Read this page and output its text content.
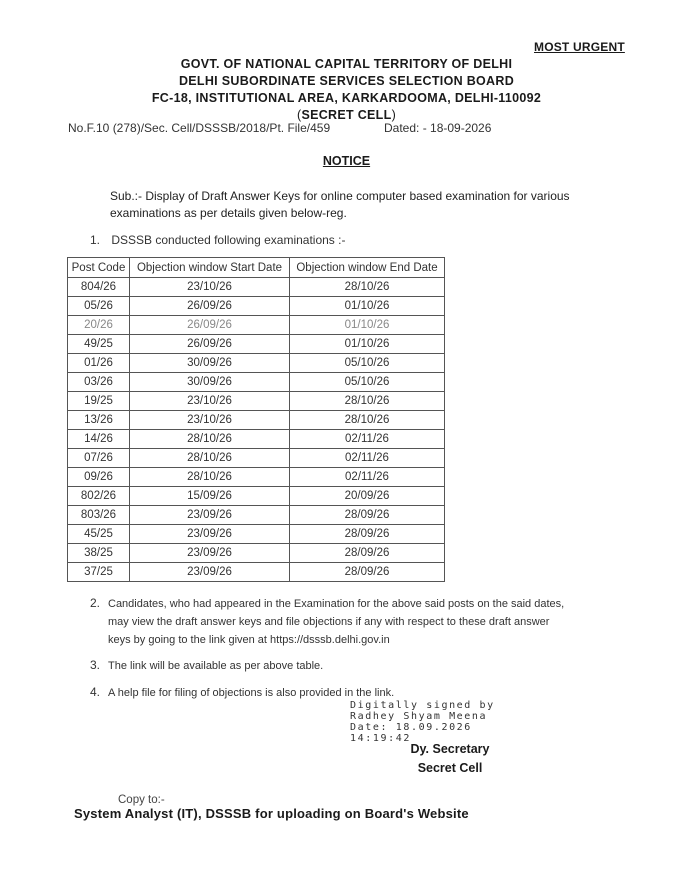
MOST URGENT
GOVT. OF NATIONAL CAPITAL TERRITORY OF DELHI
DELHI SUBORDINATE SERVICES SELECTION BOARD
FC-18, INSTITUTIONAL AREA, KARKARDOOMA, DELHI-110092
(SECRET CELL)
No.F.10 (278)/Sec. Cell/DSSSB/2018/Pt. File/459	Dated: - 18-09-2026
NOTICE
Sub.:- Display of Draft Answer Keys for online computer based examination for various examinations as per details given below-reg.
1. DSSSB conducted following examinations :-
Post Code	Objection window Start Date	Objection window End Date
804/26	23/10/26	28/10/26
05/26	26/09/26	01/10/26
20/26	26/09/26	01/10/26
49/25	26/09/26	01/10/26
01/26	30/09/26	05/10/26
03/26	30/09/26	05/10/26
19/25	23/10/26	28/10/26
13/26	23/10/26	28/10/26
14/26	28/10/26	02/11/26
07/26	28/10/26	02/11/26
09/26	28/10/26	02/11/26
802/26	15/09/26	20/09/26
803/26	23/09/26	28/09/26
45/25	23/09/26	28/09/26
38/25	23/09/26	28/09/26
37/25	23/09/26	28/09/26
2. Candidates, who had appeared in the Examination for the above said posts on the said dates,
may view the draft answer keys and file objections if any with respect to these draft answer
keys by going to the link given at https://dsssb.delhi.gov.in
3. The link will be available as per above table.
4. A help file for filing of objections is also provided in the link.
Digitally signed by
Radhey Shyam Meena
Date: 18.09.2026
14:19:42
Dy. Secretary
Secret Cell
Copy to:-
System Analyst (IT), DSSSB for uploading on Board's Website
